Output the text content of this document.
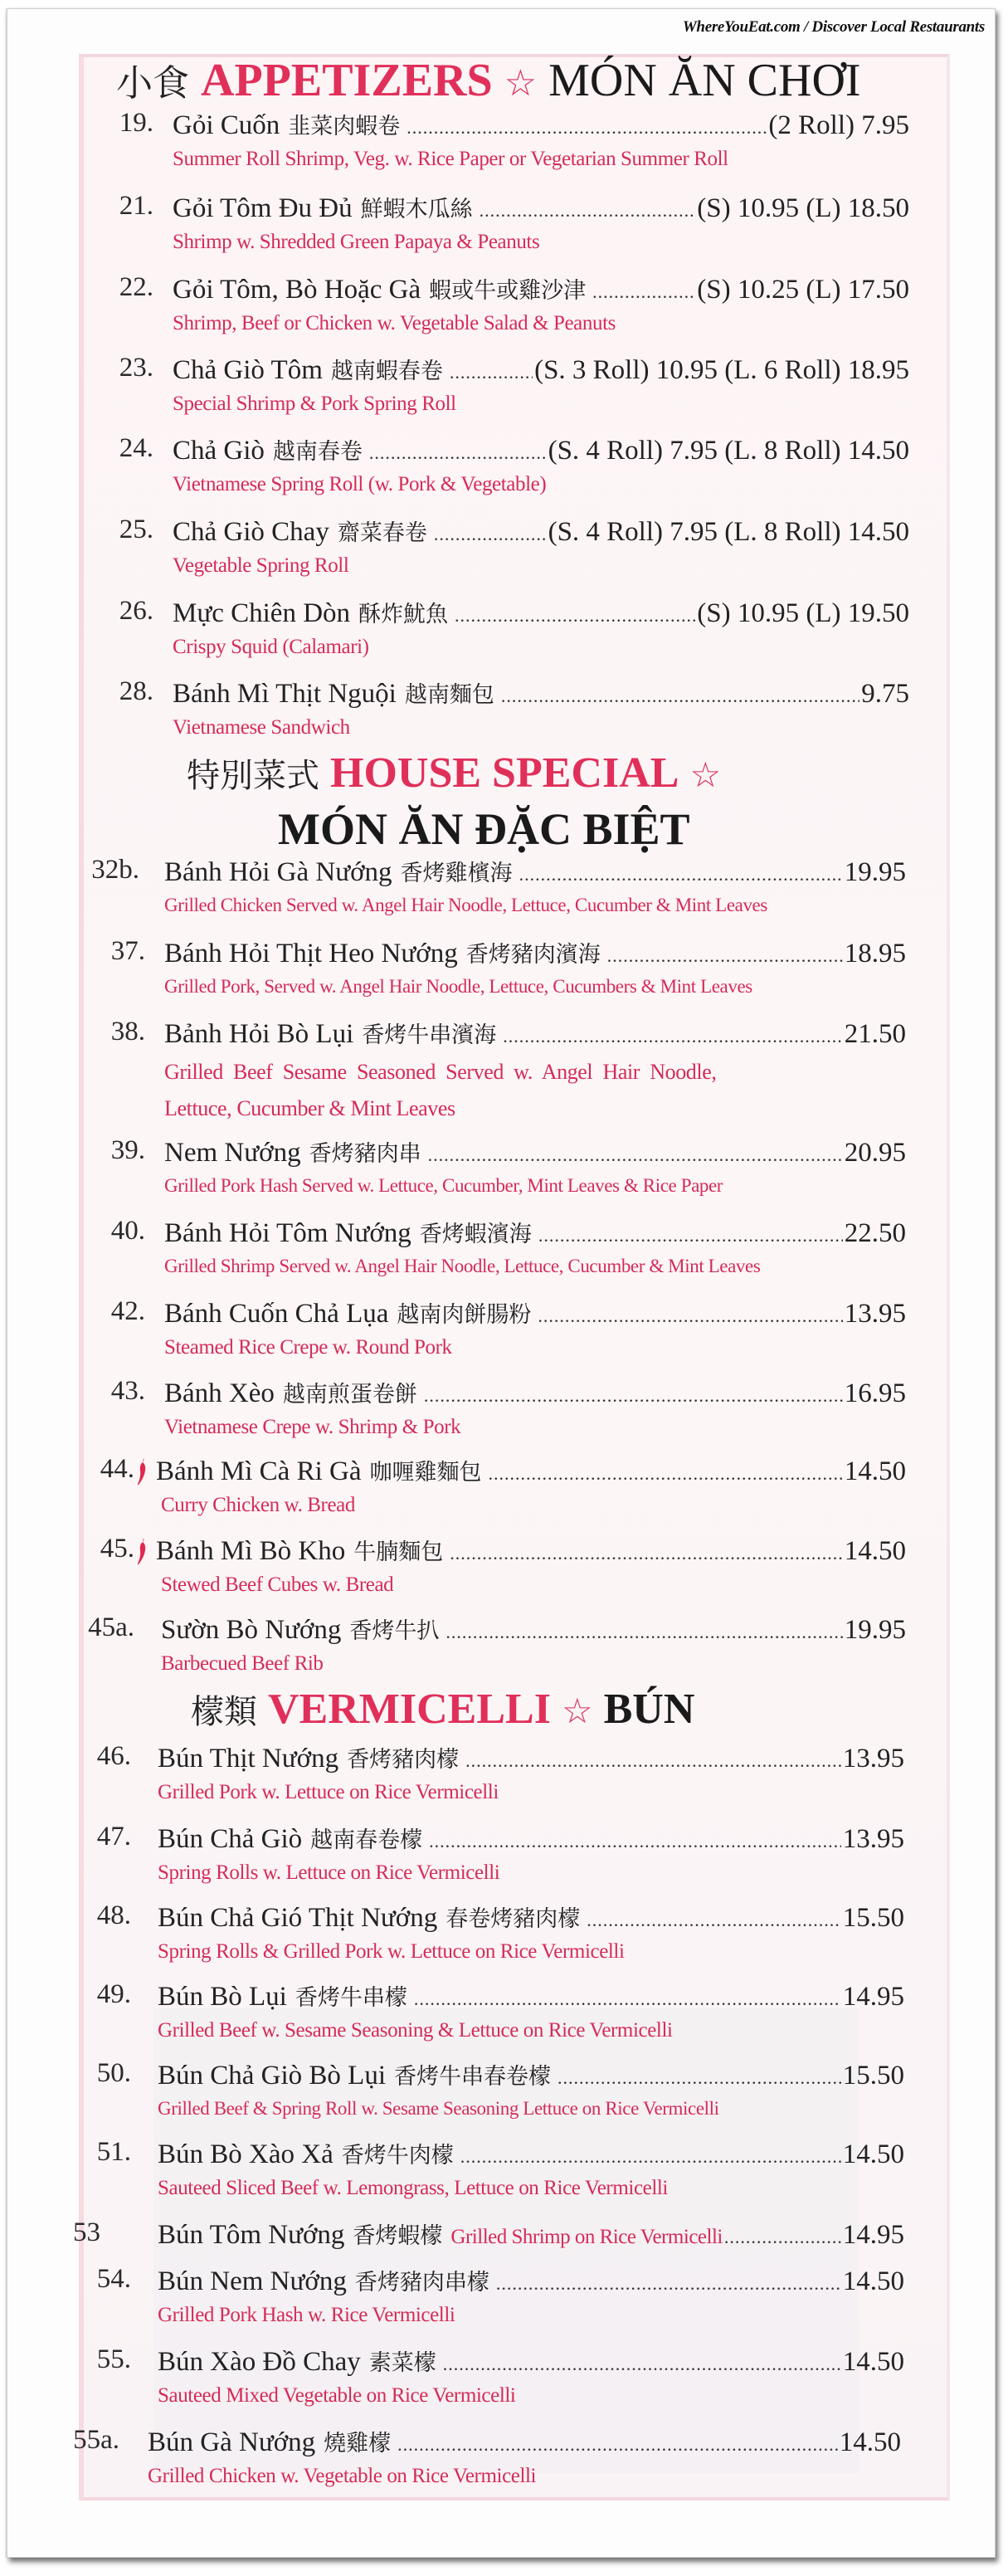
WhereYouEat.com / Discover Local Restaurants
小食 APPETIZERS ☆ MÓN ĂN CHƠI
特別菜式 HOUSE SPECIAL ☆
MÓN ĂN ĐẶC BIỆT
檬類 VERMICELLI ☆ BÚN
19. Gỏi Cuốn 韭菜肉蝦卷 .....	(2 Roll) 7.95
Summer Roll Shrimp, Veg. w. Rice Paper or Vegetarian Summer Roll
21. Gỏi Tôm Đu Đủ 鮮蝦木瓜絲 .....	(S) 10.95 (L) 18.50
Shrimp w. Shredded Green Papaya & Peanuts
22. Gỏi Tôm, Bò Hoặc Gà 蝦或牛或雞沙津 .....	(S) 10.25 (L) 17.50
Shrimp, Beef or Chicken w. Vegetable Salad & Peanuts
23. Chả Giò Tôm 越南蝦春卷 .....	(S. 3 Roll) 10.95 (L. 6 Roll) 18.95
Special Shrimp & Pork Spring Roll
24. Chả Giò 越南春卷 .....	(S. 4 Roll) 7.95 (L. 8 Roll) 14.50
Vietnamese Spring Roll (w. Pork & Vegetable)
25. Chả Giò Chay 齋菜春卷 .....	(S. 4 Roll) 7.95 (L. 8 Roll) 14.50
Vegetable Spring Roll
26. Mực Chiên Dòn 酥炸魷魚 .....	(S) 10.95 (L) 19.50
Crispy Squid (Calamari)
28. Bánh Mì Thịt Nguội 越南麵包 .....	9.75
Vietnamese Sandwich
32b. Bánh Hỏi Gà Nướng 香烤雞檳海 .....	19.95
Grilled Chicken Served w. Angel Hair Noodle, Lettuce, Cucumber & Mint Leaves
37. Bánh Hỏi Thịt Heo Nướng 香烤豬肉濱海 .....	18.95
Grilled Pork, Served w. Angel Hair Noodle, Lettuce, Cucumbers & Mint Leaves
38. Bảnh Hỏi Bò Lụi 香烤牛串濱海 .....	21.50
Grilled  Beef  Sesame  Seasoned  Served  w.  Angel  Hair  Noodle,
Lettuce, Cucumber & Mint Leaves
39. Nem Nướng 香烤豬肉串 .....	20.95
Grilled Pork Hash Served w. Lettuce, Cucumber, Mint Leaves & Rice Paper
40. Bánh Hỏi Tôm Nướng 香烤蝦濱海 .....	22.50
Grilled Shrimp Served w. Angel Hair Noodle, Lettuce, Cucumber & Mint Leaves
42. Bánh Cuốn Chả Lụa 越南肉餅腸粉 .....	13.95
Steamed Rice Crepe w. Round Pork
43. Bánh Xèo 越南煎蛋卷餅 .....	16.95
Vietnamese Crepe w. Shrimp & Pork
44. Bánh Mì Cà Ri Gà 咖喱雞麵包 .....	14.50
Curry Chicken w. Bread
45. Bánh Mì Bò Kho 牛腩麵包 .....	14.50
Stewed Beef Cubes w. Bread
45a. Sườn Bò Nướng 香烤牛扒 .....	19.95
Barbecued Beef Rib
46. Bún Thịt Nướng 香烤豬肉檬 .....	13.95
Grilled Pork w. Lettuce on Rice Vermicelli
47. Bún Chả Giò 越南春卷檬 .....	13.95
Spring Rolls w. Lettuce on Rice Vermicelli
48. Bún Chả Gió Thịt Nướng 春卷烤豬肉檬 .....	15.50
Spring Rolls & Grilled Pork w. Lettuce on Rice Vermicelli
49. Bún Bò Lụi 香烤牛串檬 .....	14.95
Grilled Beef w. Sesame Seasoning & Lettuce on Rice Vermicelli
50. Bún Chả Giò Bò Lụi 香烤牛串春卷檬 .....	15.50
Grilled Beef & Spring Roll w. Sesame Seasoning Lettuce on Rice Vermicelli
51. Bún Bò Xào Xả 香烤牛肉檬 .....	14.50
Sauteed Sliced Beef w. Lemongrass, Lettuce on Rice Vermicelli
53	Bún Tôm Nướng 香烤蝦檬 Grilled Shrimp on Rice Vermicelli .....	14.95
54. Bún Nem Nướng 香烤豬肉串檬 .....	14.50
Grilled Pork Hash w. Rice Vermicelli
55. Bún Xào Đồ Chay 素菜檬 .....	14.50
Sauteed Mixed Vegetable on Rice Vermicelli
55a. Bún Gà Nướng 燒雞檬 .....	14.50
Grilled Chicken w. Vegetable on Rice Vermicelli
